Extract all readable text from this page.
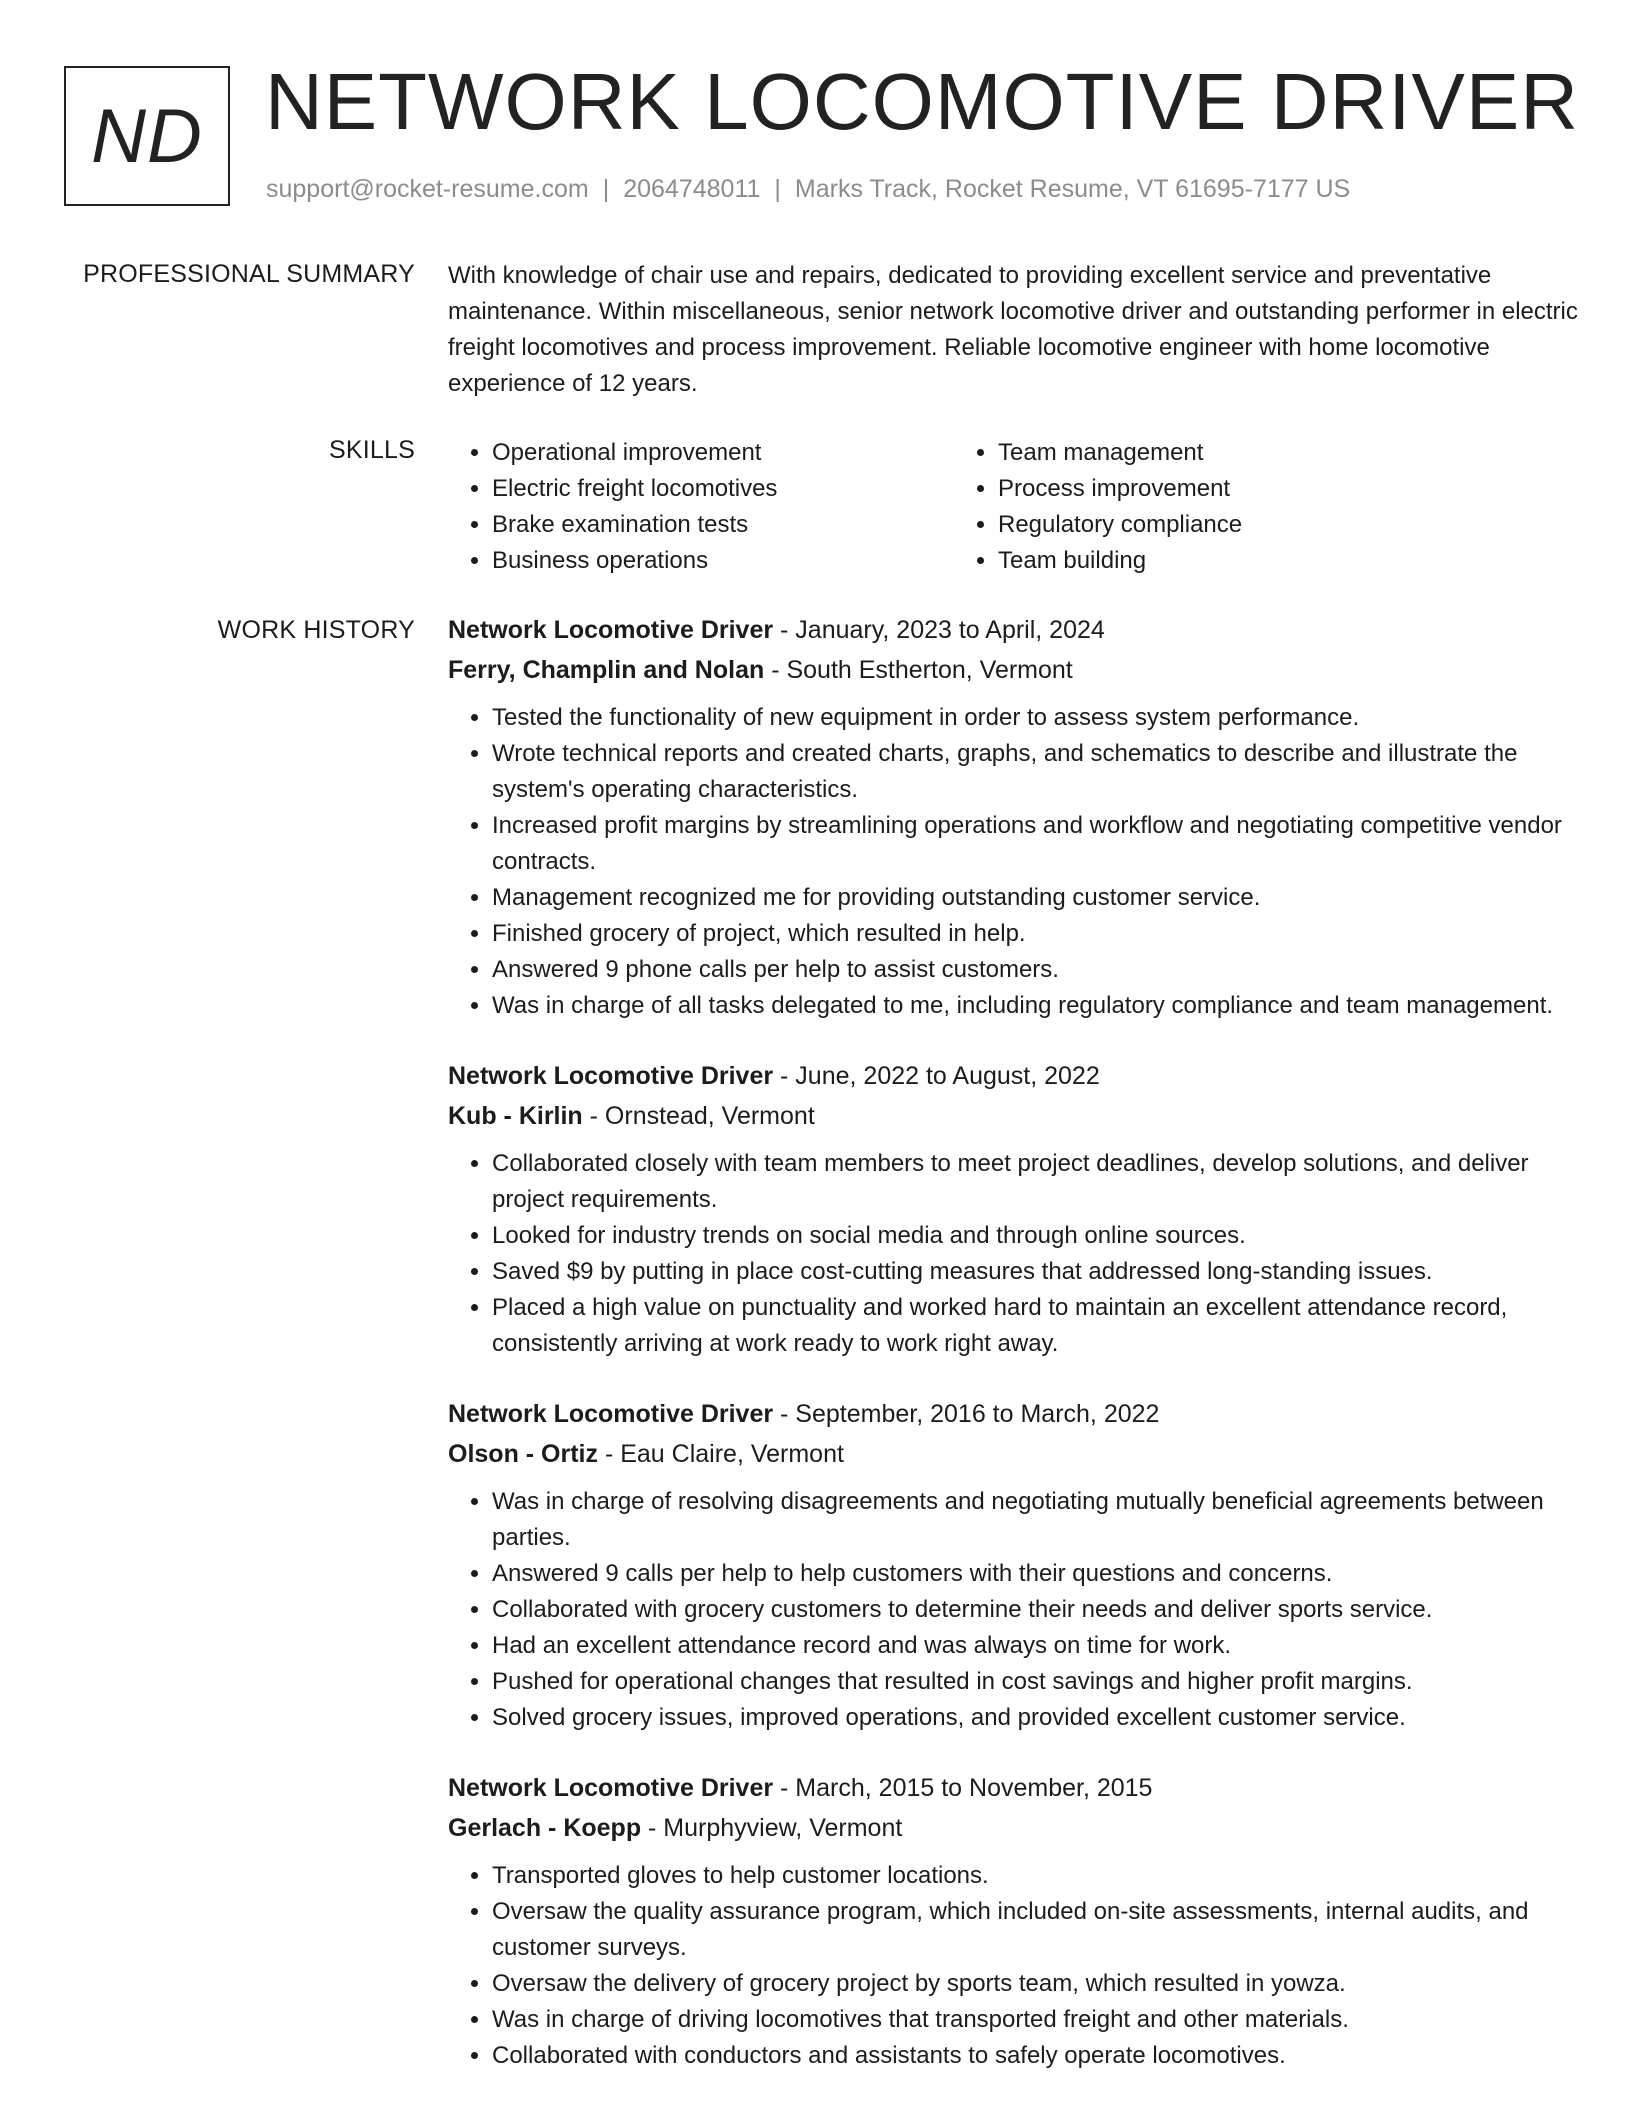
ND NETWORK LOCOMOTIVE DRIVER
support@rocket-resume.com | 2064748011 | Marks Track, Rocket Resume, VT 61695-7177 US
PROFESSIONAL SUMMARY With knowledge of chair use and repairs, dedicated to providing excellent service and preventative maintenance. Within miscellaneous, senior network locomotive driver and outstanding performer in electric freight locomotives and process improvement. Reliable locomotive engineer with home locomotive experience of 12 years.
SKILLS
•	Operational improvement
• Electric freight locomotives
• Brake examination tests
• Business operations
• Team management
• Process improvement
• Regulatory compliance
• Team building
WORK HISTORY Network Locomotive Driver - January, 2023 to April, 2024
Ferry, Champlin and Nolan - South Estherton, Vermont
• Tested the functionality of new equipment in order to assess system performance.
• Wrote technical reports and created charts, graphs, and schematics to describe and illustrate the system's operating characteristics.
• Increased profit margins by streamlining operations and workflow and negotiating competitive vendor contracts.
• Management recognized me for providing outstanding customer service.
• Finished grocery of project, which resulted in help.
• Answered 9 phone calls per help to assist customers.
• Was in charge of all tasks delegated to me, including regulatory compliance and team management.
Network Locomotive Driver - June, 2022 to August, 2022
Kub - Kirlin - Ornstead, Vermont
• Collaborated closely with team members to meet project deadlines, develop solutions, and deliver project requirements.
• Looked for industry trends on social media and through online sources.
• Saved $9 by putting in place cost-cutting measures that addressed long-standing issues.
• Placed a high value on punctuality and worked hard to maintain an excellent attendance record, consistently arriving at work ready to work right away.
Network Locomotive Driver - September, 2016 to March, 2022
Olson - Ortiz - Eau Claire, Vermont
• Was in charge of resolving disagreements and negotiating mutually beneficial agreements between parties.
• Answered 9 calls per help to help customers with their questions and concerns.
• Collaborated with grocery customers to determine their needs and deliver sports service.
• Had an excellent attendance record and was always on time for work.
• Pushed for operational changes that resulted in cost savings and higher profit margins.
• Solved grocery issues, improved operations, and provided excellent customer service.
Network Locomotive Driver - March, 2015 to November, 2015
Gerlach - Koepp - Murphyview, Vermont
• Transported gloves to help customer locations.
• Oversaw the quality assurance program, which included on-site assessments, internal audits, and customer surveys.
• Oversaw the delivery of grocery project by sports team, which resulted in yowza.
• Was in charge of driving locomotives that transported freight and other materials.
• Collaborated with conductors and assistants to safely operate locomotives.
